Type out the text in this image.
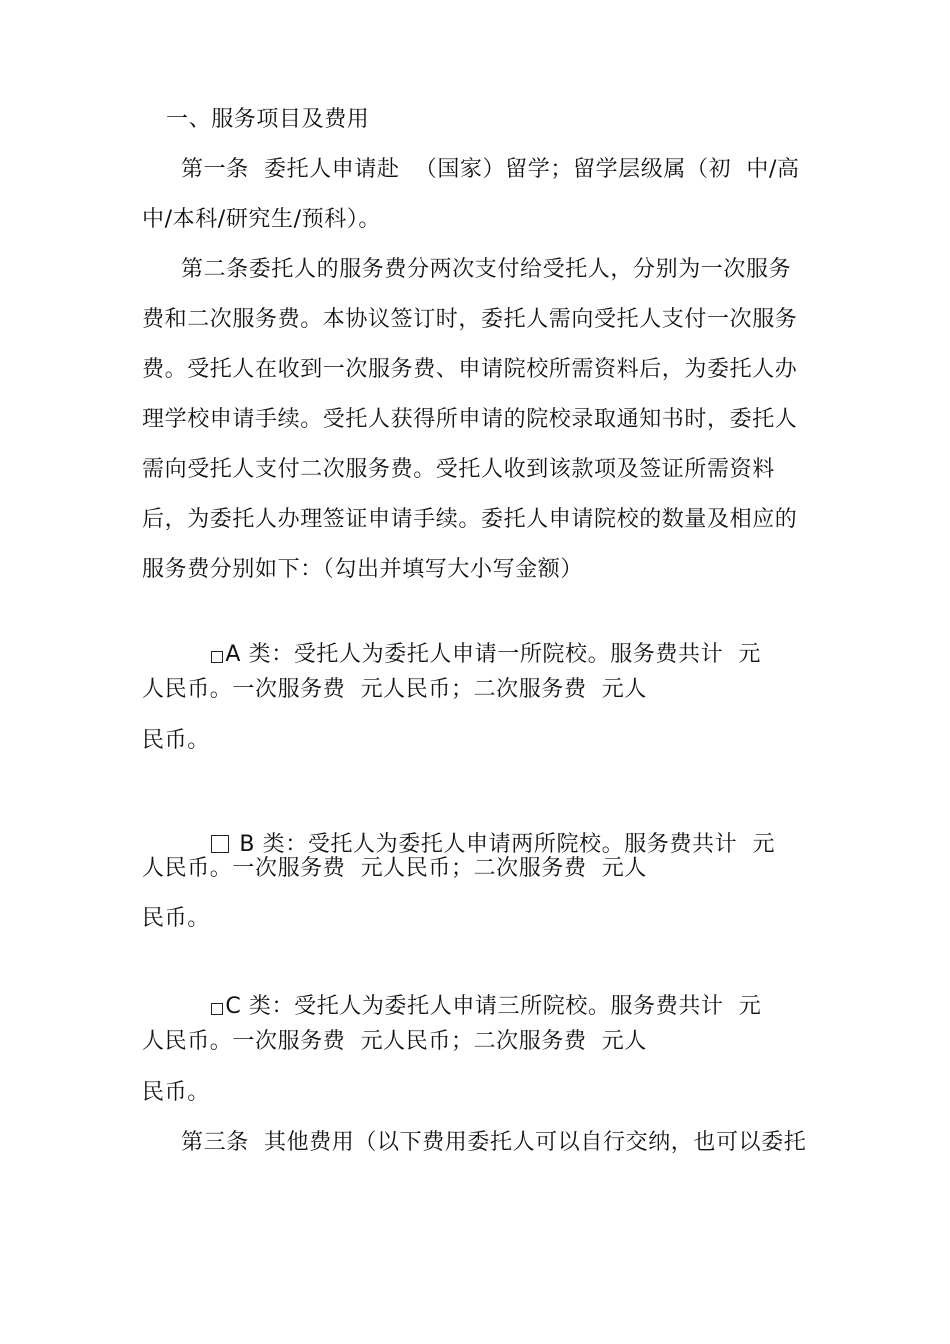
一、服务项目及费用
第一条  委托人申请赴  （国家）留学；留学层级属（初  中/高
中/本科/研究生/预科）。
第二条委托人的服务费分两次支付给受托人，分别为一次服务
费和二次服务费。本协议签订时，委托人需向受托人支付一次服务
费。受托人在收到一次服务费、申请院校所需资料后，为委托人办
理学校申请手续。受托人获得所申请的院校录取通知书时，委托人
需向受托人支付二次服务费。受托人收到该款项及签证所需资料
后，为委托人办理签证申请手续。委托人申请院校的数量及相应的
服务费分别如下：（勾出并填写大小写金额）

A 类：受托人为委托人申请一所院校。服务费共计  元

人民币。一次服务费  元人民币；二次服务费  元人
民币。

B 类：受托人为委托人申请两所院校。服务费共计  元

人民币。一次服务费  元人民币；二次服务费  元人
民币。

C 类：受托人为委托人申请三所院校。服务费共计  元

人民币。一次服务费  元人民币；二次服务费  元人
民币。
第三条  其他费用（以下费用委托人可以自行交纳，也可以委托
